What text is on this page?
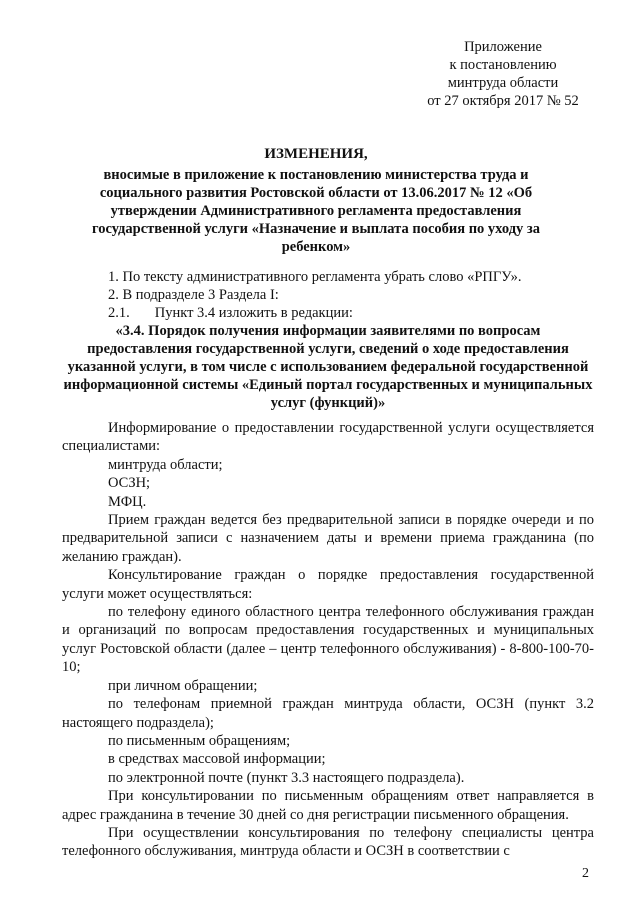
Приложение
к постановлению
минтруда области
от 27 октября 2017 № 52
ИЗМЕНЕНИЯ,
вносимые в приложение к постановлению министерства труда и социального развития Ростовской области от 13.06.2017 № 12 «Об утверждении Административного регламента предоставления государственной услуги «Назначение и выплата пособия по уходу за ребенком»
1. По тексту административного регламента убрать слово «РПГУ».
2. В подразделе 3 Раздела I:
2.1. Пункт 3.4 изложить в редакции:
«3.4. Порядок получения информации заявителями по вопросам предоставления государственной услуги, сведений о ходе предоставления указанной услуги, в том числе с использованием федеральной государственной информационной системы «Единый портал государственных и муниципальных услуг (функций)»
Информирование о предоставлении государственной услуги осуществляется специалистами:
минтруда области;
ОСЗН;
МФЦ.
Прием граждан ведется без предварительной записи в порядке очереди и по предварительной записи с назначением даты и времени приема гражданина (по желанию граждан).
Консультирование граждан о порядке предоставления государственной услуги может осуществляться:
по телефону единого областного центра телефонного обслуживания граждан и организаций по вопросам предоставления государственных и муниципальных услуг Ростовской области (далее – центр телефонного обслуживания) - 8-800-100-70-10;
при личном обращении;
по телефонам приемной граждан минтруда области, ОСЗН (пункт 3.2 настоящего подраздела);
по письменным обращениям;
в средствах массовой информации;
по электронной почте (пункт 3.3 настоящего подраздела).
При консультировании по письменным обращениям ответ направляется в адрес гражданина в течение 30 дней со дня регистрации письменного обращения.
При осуществлении консультирования по телефону специалисты центра телефонного обслуживания, минтруда области и ОСЗН в соответствии с
2
